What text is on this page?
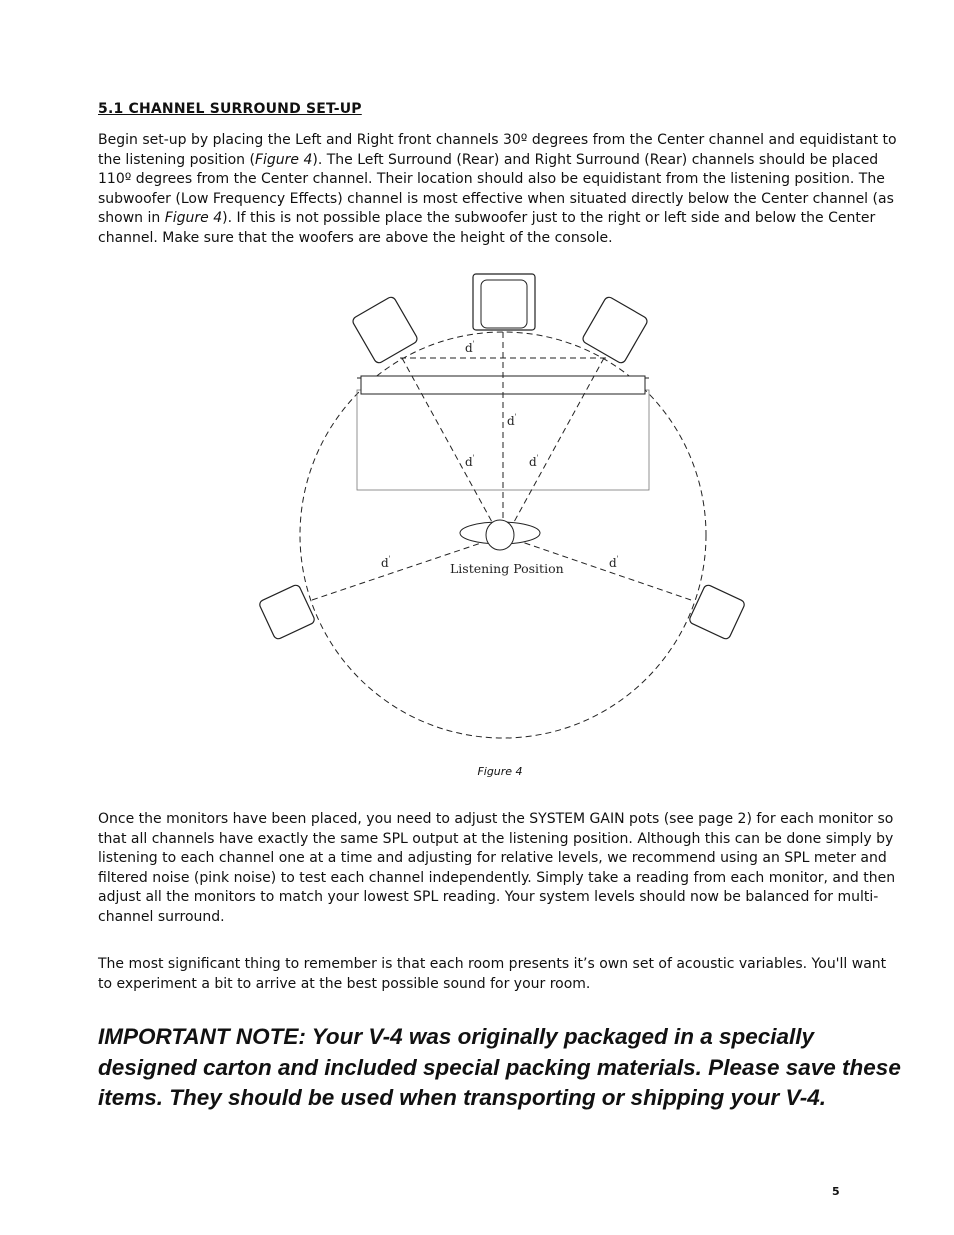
5.1 CHANNEL SURROUND SET-UP

Begin set-up by placing the Left and Right front channels 30º degrees from the Center channel and equidistant to the listening position (Figure 4). The Left Surround (Rear) and Right Surround (Rear) channels should be placed 110º degrees from the Center channel. Their location should also be equidistant from the listening position. The subwoofer (Low Frequency Effects) channel is most effective when situated directly below the Center channel (as shown in Figure 4). If this is not possible place the subwoofer just to the right or left side and below the Center channel. Make sure that the woofers are above the height of the console.

d'
d'
d'	d'
d'	d'
Listening Position
Figure 4

Once the monitors have been placed, you need to adjust the SYSTEM GAIN pots (see page 2) for each monitor so that all channels have exactly the same SPL output at the listening position. Although this can be done simply by listening to each channel one at a time and adjusting for relative levels, we recommend using an SPL meter and filtered noise (pink noise) to test each channel independently. Simply take a reading from each monitor, and then adjust all the monitors to match your lowest SPL reading. Your system levels should now be balanced for multi-channel surround.

The most significant thing to remember is that each room presents it’s own set of acoustic variables. You'll want to experiment a bit to arrive at the best possible sound for your room.

IMPORTANT NOTE: Your V-4 was originally packaged in a specially designed carton and included special packing materials. Please save these items. They should be used when transporting or shipping your V-4.

5
